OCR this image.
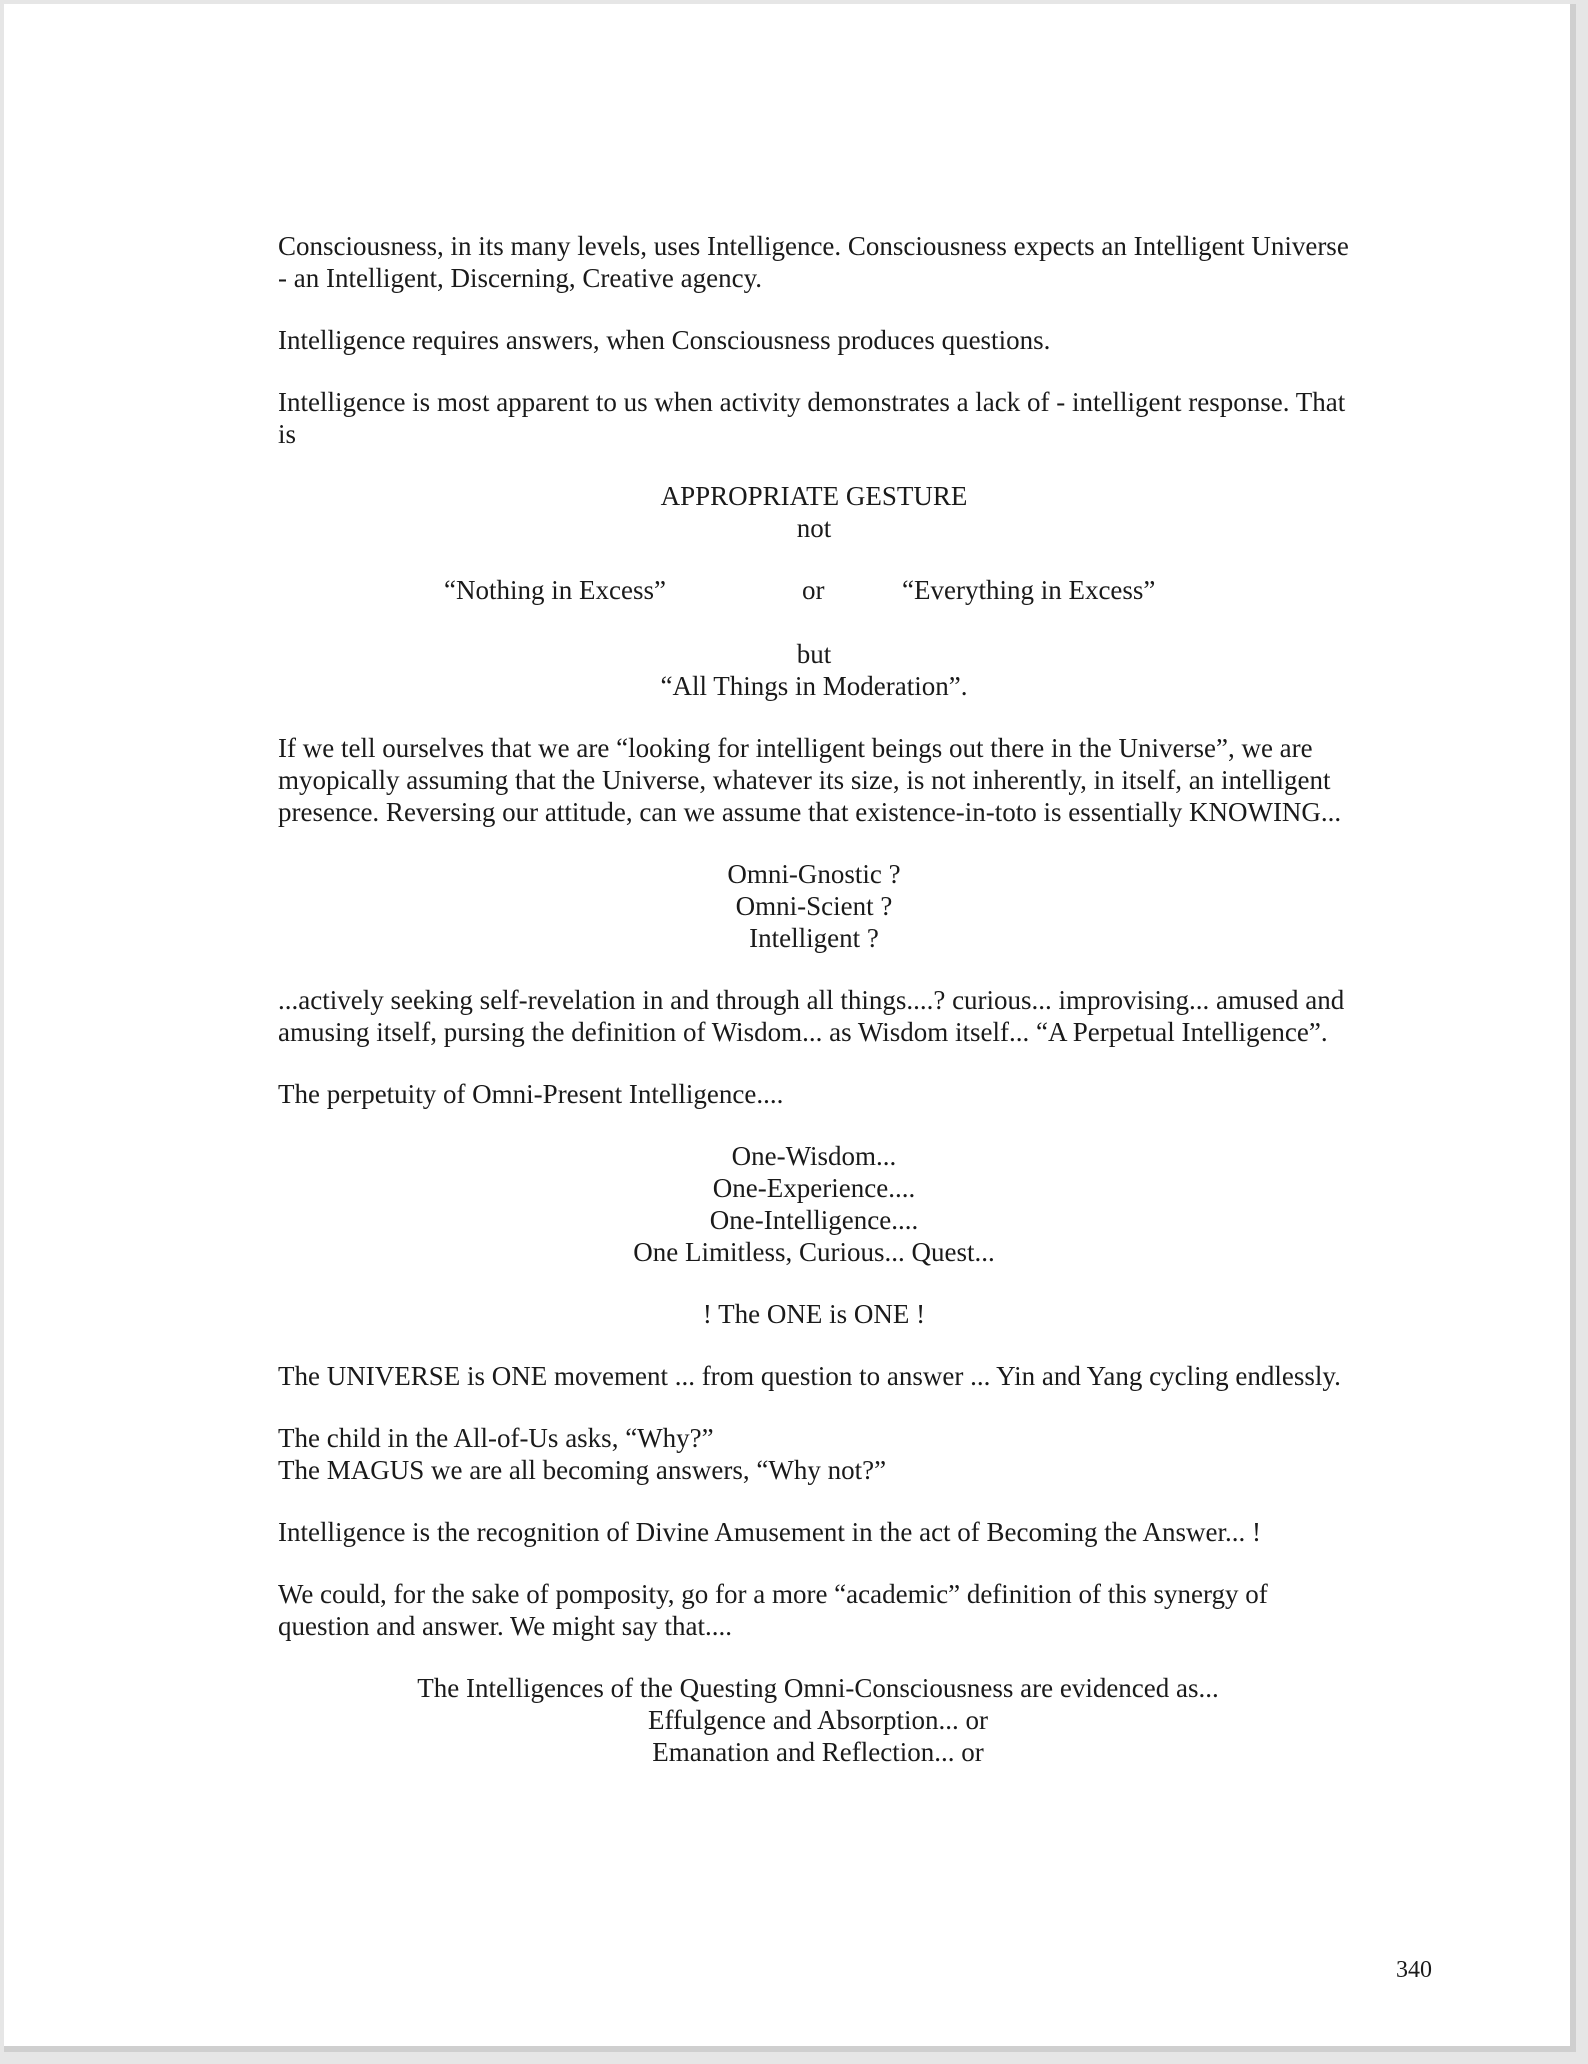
Consciousness, in its many levels, uses Intelligence. Consciousness expects an Intelligent Universe - an Intelligent, Discerning, Creative agency.

Intelligence requires answers, when Consciousness produces questions.

Intelligence is most apparent to us when activity demonstrates a lack of - intelligent response. That is

APPROPRIATE GESTURE
not
“Nothing in Excess”	or	“Everything in Excess”
but
“All Things in Moderation”.

If we tell ourselves that we are “looking for intelligent beings out there in the Universe”, we are myopically assuming that the Universe, whatever its size, is not inherently, in itself, an intelligent presence. Reversing our attitude, can we assume that existence-in-toto is essentially KNOWING...

Omni-Gnostic ?
Omni-Scient ?
Intelligent ?

...actively seeking self-revelation in and through all things....? curious... improvising... amused and amusing itself, pursing the definition of Wisdom... as Wisdom itself... “A Perpetual Intelligence”.

The perpetuity of Omni-Present Intelligence....

One-Wisdom...
One-Experience....
One-Intelligence....
One Limitless, Curious... Quest...
! The ONE is ONE !

The UNIVERSE is ONE movement ... from question to answer ... Yin and Yang cycling endlessly.

The child in the All-of-Us asks, “Why?”

The MAGUS we are all becoming answers, “Why not?”

Intelligence is the recognition of Divine Amusement in the act of Becoming the Answer... !

We could, for the sake of pomposity, go for a more “academic” definition of this synergy of question and answer. We might say that....

The Intelligences of the Questing Omni-Consciousness are evidenced as...
Effulgence and Absorption... or
Emanation and Reflection... or
340
